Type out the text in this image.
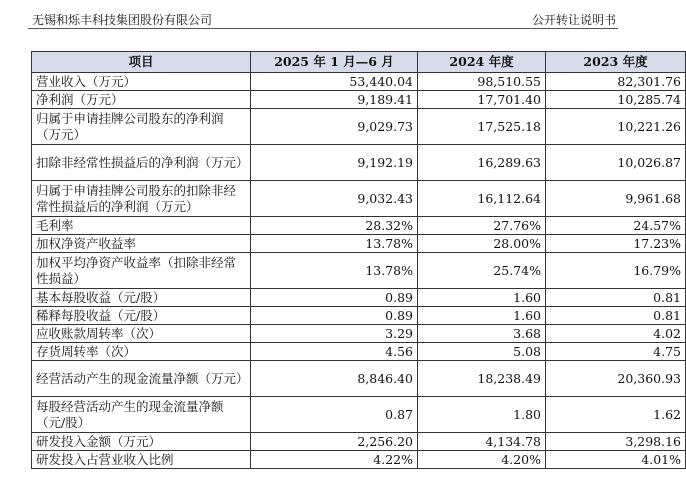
无锡和烁丰科技集团股份有限公司	公开转让说明书
项目	2025 年 1 月—6 月	2024 年度	2023 年度
营业收入（万元）	53,440.04	98,510.55	82,301.76
净利润（万元）	9,189.41	17,701.40	10,285.74
归属于申请挂牌公司股东的净利润（万元）	9,029.73	17,525.18	10,221.26
扣除非经常性损益后的净利润（万元）	9,192.19	16,289.63	10,026.87
归属于申请挂牌公司股东的扣除非经常性损益后的净利润（万元）	9,032.43	16,112.64	9,961.68
毛利率	28.32%	27.76%	24.57%
加权净资产收益率	13.78%	28.00%	17.23%
加权平均净资产收益率（扣除非经常性损益）	13.78%	25.74%	16.79%
基本每股收益（元/股）	0.89	1.60	0.81
稀释每股收益（元/股）	0.89	1.60	0.81
应收账款周转率（次）	3.29	3.68	4.02
存货周转率（次）	4.56	5.08	4.75
经营活动产生的现金流量净额（万元）	8,846.40	18,238.49	20,360.93
每股经营活动产生的现金流量净额（元/股）	0.87	1.80	1.62
研发投入金额（万元）	2,256.20	4,134.78	3,298.16
研发投入占营业收入比例	4.22%	4.20%	4.01%
